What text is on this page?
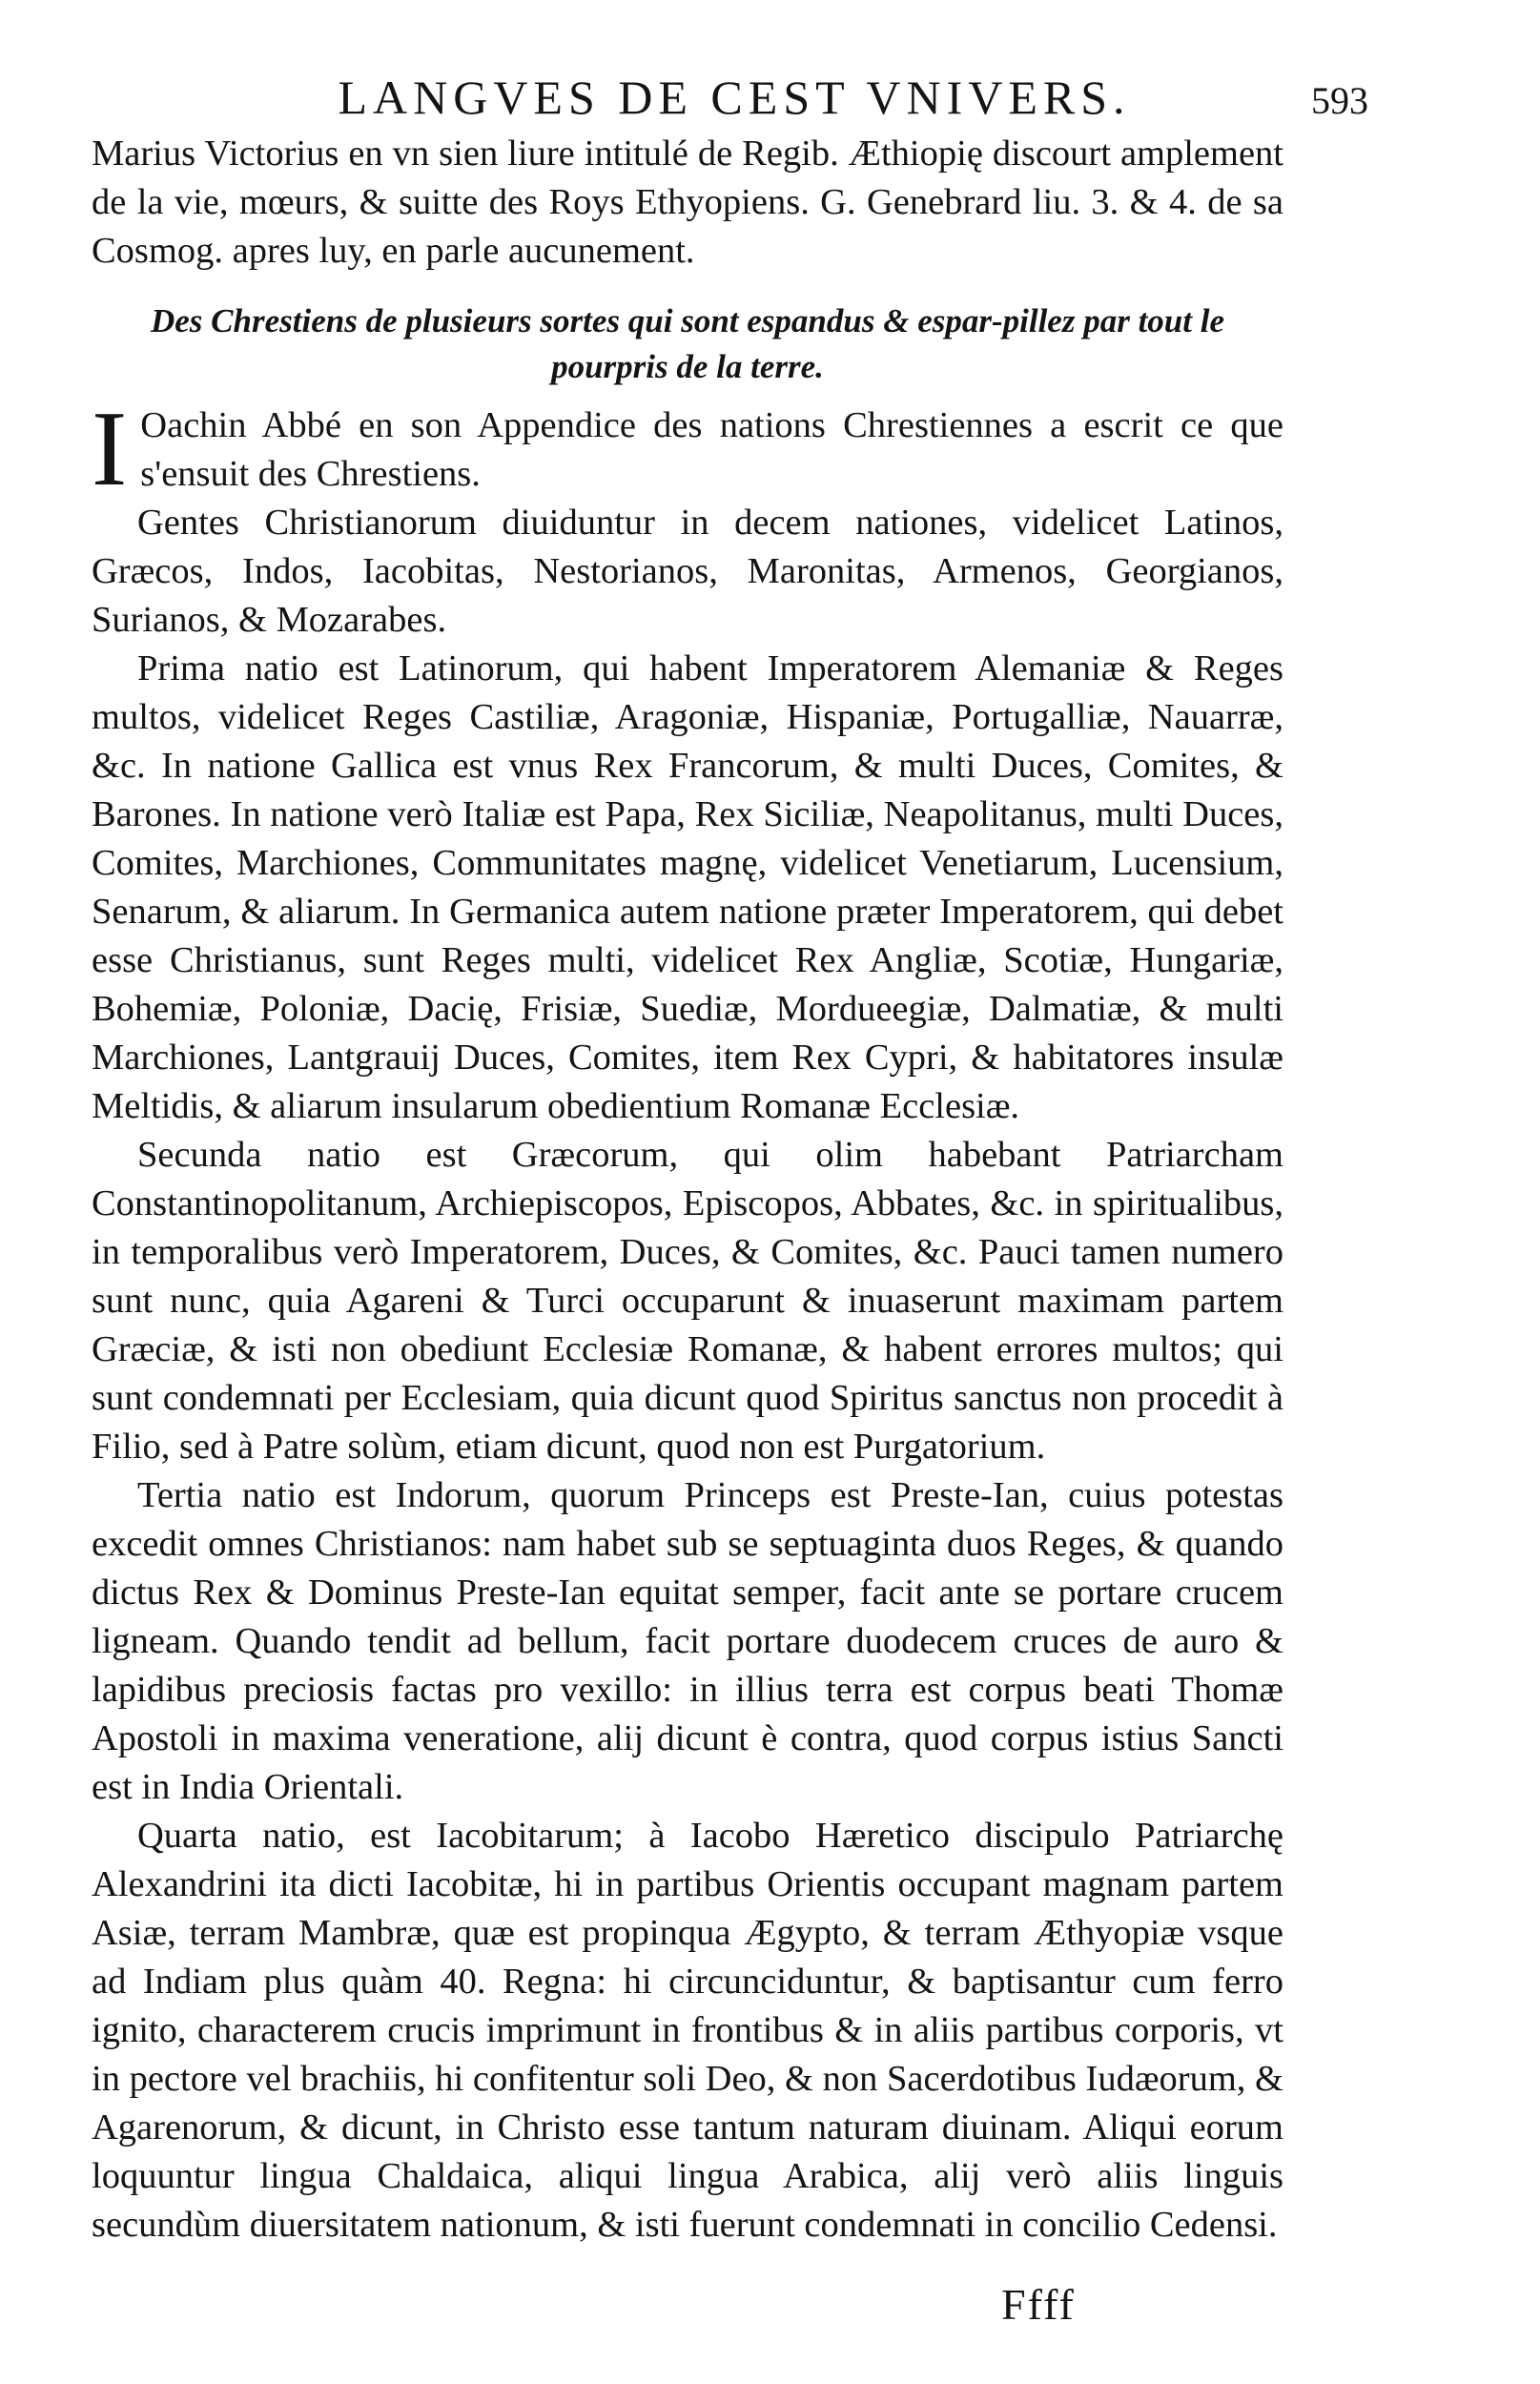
LANGVES DE CEST VNIVERS.	593

Marius Victorius en vn sien liure intitulé de Regib. Æthiopię discourt amplement de la vie, mœurs, & suitte des Roys Ethyopiens. G. Genebrard liu. 3. & 4. de sa Cosmog. apres luy, en parle aucunement.

Des Chrestiens de plusieurs sortes qui sont espandus & espar-pillez par tout le pourpris de la terre.

I Oachin Abbé en son Appendice des nations Chrestiennes a escrit ce que s'ensuit des Chrestiens.

Gentes Christianorum diuiduntur in decem nationes, videlicet Latinos, Græcos, Indos, Iacobitas, Nestorianos, Maronitas, Armenos, Georgianos, Surianos, & Mozarabes.

Prima natio est Latinorum, qui habent Imperatorem Alemaniæ & Reges multos, videlicet Reges Castiliæ, Aragoniæ, Hispaniæ, Portugalliæ, Nauarræ, &c. In natione Gallica est vnus Rex Francorum, & multi Duces, Comites, & Barones. In natione verò Italiæ est Papa, Rex Siciliæ, Neapolitanus, multi Duces, Comites, Marchiones, Communitates magnę, videlicet Venetiarum, Lucensium, Senarum, & aliarum. In Germanica autem natione præter Imperatorem, qui debet esse Christianus, sunt Reges multi, videlicet Rex Angliæ, Scotiæ, Hungariæ, Bohemiæ, Poloniæ, Dacię, Frisiæ, Suediæ, Mordueegiæ, Dalmatiæ, & multi Marchiones, Lantgrauij Duces, Comites, item Rex Cypri, & habitatores insulæ Meltidis, & aliarum insularum obedientium Romanæ Ecclesiæ.

Secunda natio est Græcorum, qui olim habebant Patriarcham Constantinopolitanum, Archiepiscopos, Episcopos, Abbates, &c. in spiritualibus, in temporalibus verò Imperatorem, Duces, & Comites, &c. Pauci tamen numero sunt nunc, quia Agareni & Turci occuparunt & inuaserunt maximam partem Græciæ, & isti non obediunt Ecclesiæ Romanæ, & habent errores multos; qui sunt condemnati per Ecclesiam, quia dicunt quod Spiritus sanctus non procedit à Filio, sed à Patre solùm, etiam dicunt, quod non est Purgatorium.

Tertia natio est Indorum, quorum Princeps est Preste-Ian, cuius potestas excedit omnes Christianos: nam habet sub se septuaginta duos Reges, & quando dictus Rex & Dominus Preste-Ian equitat semper, facit ante se portare crucem ligneam. Quando tendit ad bellum, facit portare duodecem cruces de auro & lapidibus preciosis factas pro vexillo: in illius terra est corpus beati Thomæ Apostoli in maxima veneratione, alij dicunt è contra, quod corpus istius Sancti est in India Orientali.

Quarta natio, est Iacobitarum; à Iacobo Hæretico discipulo Patriarchę Alexandrini ita dicti Iacobitæ, hi in partibus Orientis occupant magnam partem Asiæ, terram Mambræ, quæ est propinqua Ægypto, & terram Æthyopiæ vsque ad Indiam plus quàm 40. Regna: hi circunciduntur, & baptisantur cum ferro ignito, characterem crucis imprimunt in frontibus & in aliis partibus corporis, vt in pectore vel brachiis, hi confitentur soli Deo, & non Sacerdotibus Iudæorum, & Agarenorum, & dicunt, in Christo esse tantum naturam diuinam. Aliqui eorum loquuntur lingua Chaldaica, aliqui lingua Arabica, alij verò aliis linguis secundùm diuersitatem nationum, & isti fuerunt condemnati in concilio Cedensi.

Ffff
